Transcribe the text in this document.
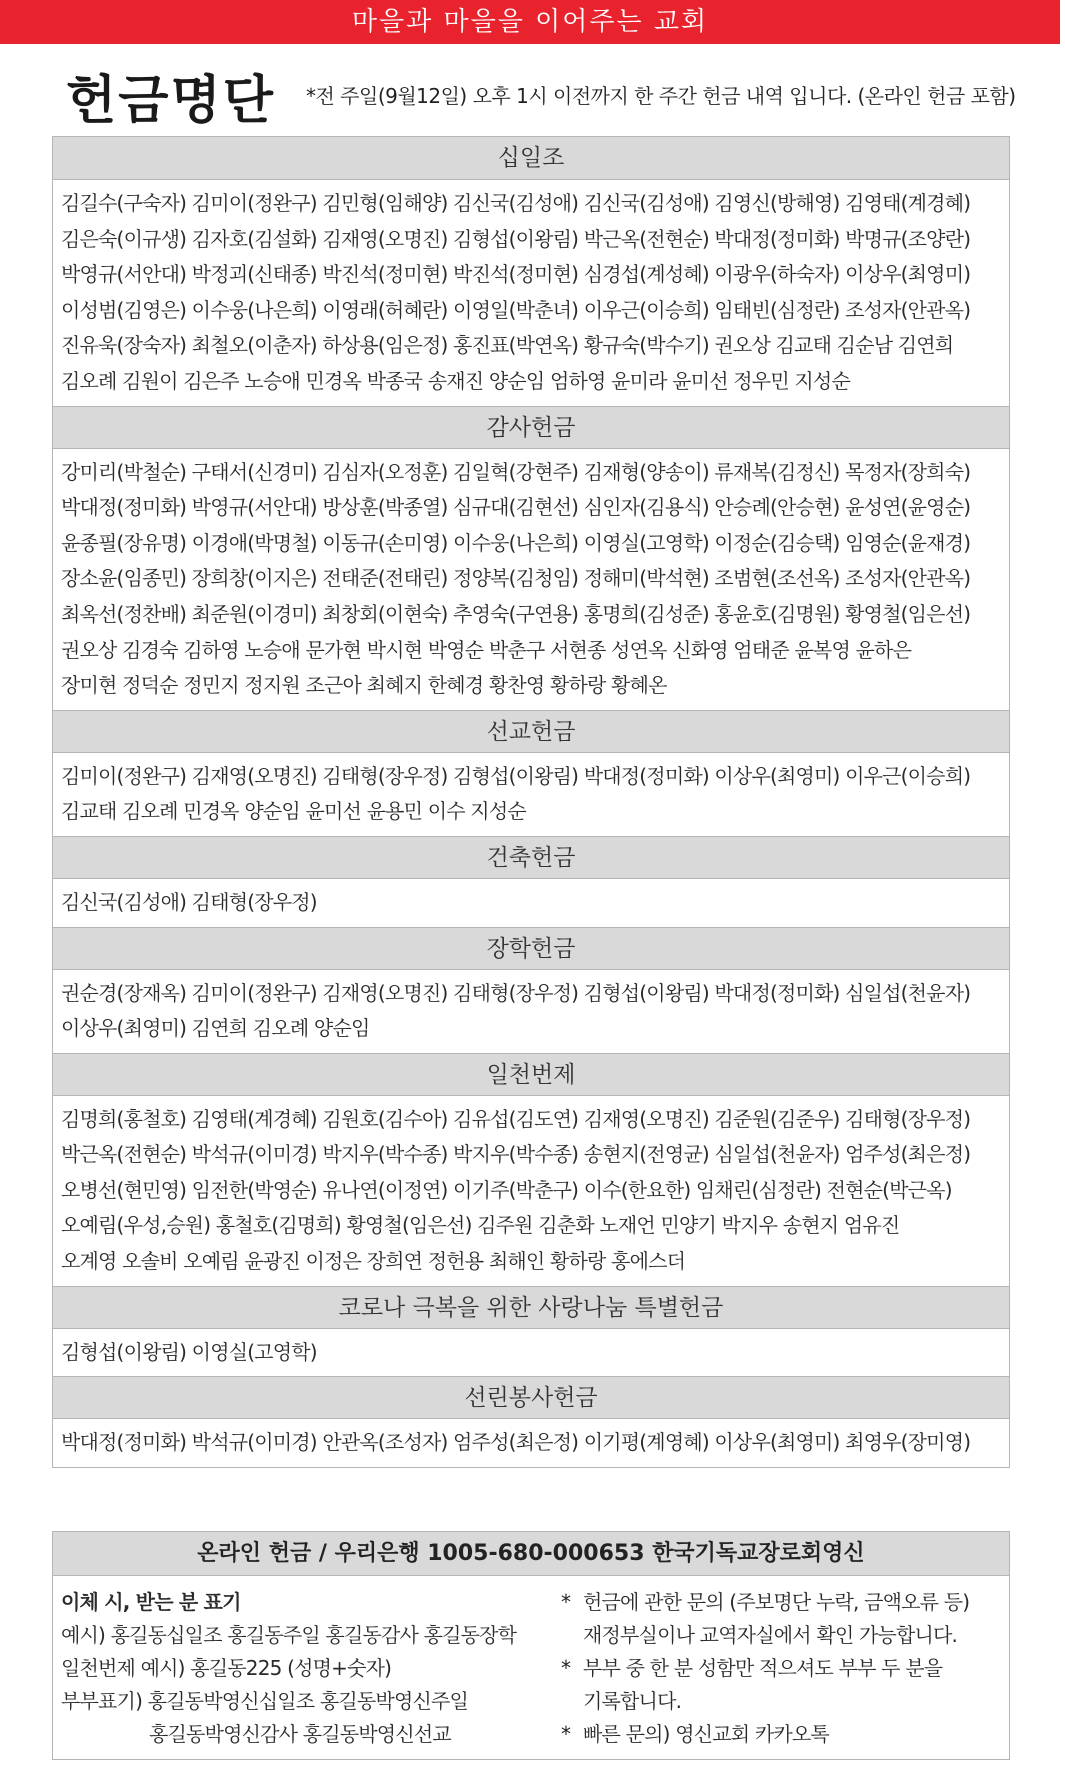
마을과 마을을 이어주는 교회
헌금명단 *전 주일(9월12일) 오후 1시 이전까지 한 주간 헌금 내역 입니다. (온라인 헌금 포함)
십일조
김길수(구숙자) 김미이(정완구) 김민형(임해양) 김신국(김성애) 김신국(김성애) 김영신(방해영) 김영태(계경혜)
김은숙(이규생) 김자호(김설화) 김재영(오명진) 김형섭(이왕림) 박근옥(전현순) 박대정(정미화) 박명규(조양란)
박영규(서안대) 박정괴(신태종) 박진석(정미현) 박진석(정미현) 심경섭(계성혜) 이광우(하숙자) 이상우(최영미)
이성범(김영은) 이수웅(나은희) 이영래(허혜란) 이영일(박춘녀) 이우근(이승희) 임태빈(심정란) 조성자(안관옥)
진유욱(장숙자) 최철오(이춘자) 하상용(임은정) 홍진표(박연옥) 황규숙(박수기) 권오상 김교태 김순남 김연희
김오례 김원이 김은주 노승애 민경옥 박종국 송재진 양순임 엄하영 윤미라 윤미선 정우민 지성순
감사헌금
강미리(박철순) 구태서(신경미) 김심자(오정훈) 김일혁(강현주) 김재형(양송이) 류재복(김정신) 목정자(장희숙)
박대정(정미화) 박영규(서안대) 방상훈(박종열) 심규대(김현선) 심인자(김용식) 안승례(안승현) 윤성연(윤영순)
윤종필(장유명) 이경애(박명철) 이동규(손미영) 이수웅(나은희) 이영실(고영학) 이정순(김승택) 임영순(윤재경)
장소윤(임종민) 장희창(이지은) 전태준(전태린) 정양복(김청임) 정해미(박석현) 조범현(조선옥) 조성자(안관옥)
최옥선(정찬배) 최준원(이경미) 최창회(이현숙) 추영숙(구연용) 홍명희(김성준) 홍윤호(김명원) 황영철(임은선)
권오상 김경숙 김하영 노승애 문가현 박시현 박영순 박춘구 서현종 성연옥 신화영 엄태준 윤복영 윤하은
장미현 정덕순 정민지 정지원 조근아 최혜지 한혜경 황찬영 황하랑 황혜온
선교헌금
김미이(정완구) 김재영(오명진) 김태형(장우정) 김형섭(이왕림) 박대정(정미화) 이상우(최영미) 이우근(이승희)
김교태 김오례 민경옥 양순임 윤미선 윤용민 이수 지성순
건축헌금
김신국(김성애) 김태형(장우정)
장학헌금
권순경(장재옥) 김미이(정완구) 김재영(오명진) 김태형(장우정) 김형섭(이왕림) 박대정(정미화) 심일섭(천윤자)
이상우(최영미) 김연희 김오례 양순임
일천번제
김명희(홍철호) 김영태(계경혜) 김원호(김수아) 김유섭(김도연) 김재영(오명진) 김준원(김준우) 김태형(장우정)
박근옥(전현순) 박석규(이미경) 박지우(박수종) 박지우(박수종) 송현지(전영균) 심일섭(천윤자) 엄주성(최은정)
오병선(현민영) 임전한(박영순) 유나연(이정연) 이기주(박춘구) 이수(한요한) 임채린(심정란) 전현순(박근옥)
오예림(우성,승원) 홍철호(김명희) 황영철(임은선) 김주원 김춘화 노재언 민양기 박지우 송현지 엄유진
오계영 오솔비 오예림 윤광진 이정은 장희연 정헌용 최해인 황하랑 홍에스더
코로나 극복을 위한 사랑나눔 특별헌금
김형섭(이왕림) 이영실(고영학)
선린봉사헌금
박대정(정미화) 박석규(이미경) 안관옥(조성자) 엄주성(최은정) 이기평(계영혜) 이상우(최영미) 최영우(장미영)
온라인 헌금 / 우리은행 1005-680-000653 한국기독교장로회영신
이체 시, 받는 분 표기
예시) 홍길동십일조 홍길동주일 홍길동감사 홍길동장학
일천번제 예시) 홍길동225 (성명+숫자)
부부표기) 홍길동박영신십일조 홍길동박영신주일
홍길동박영신감사 홍길동박영신선교
* 헌금에 관한 문의 (주보명단 누락, 금액오류 등)
재정부실이나 교역자실에서 확인 가능합니다.
* 부부 중 한 분 성함만 적으셔도 부부 두 분을
기록합니다.
* 빠른 문의) 영신교회 카카오톡
